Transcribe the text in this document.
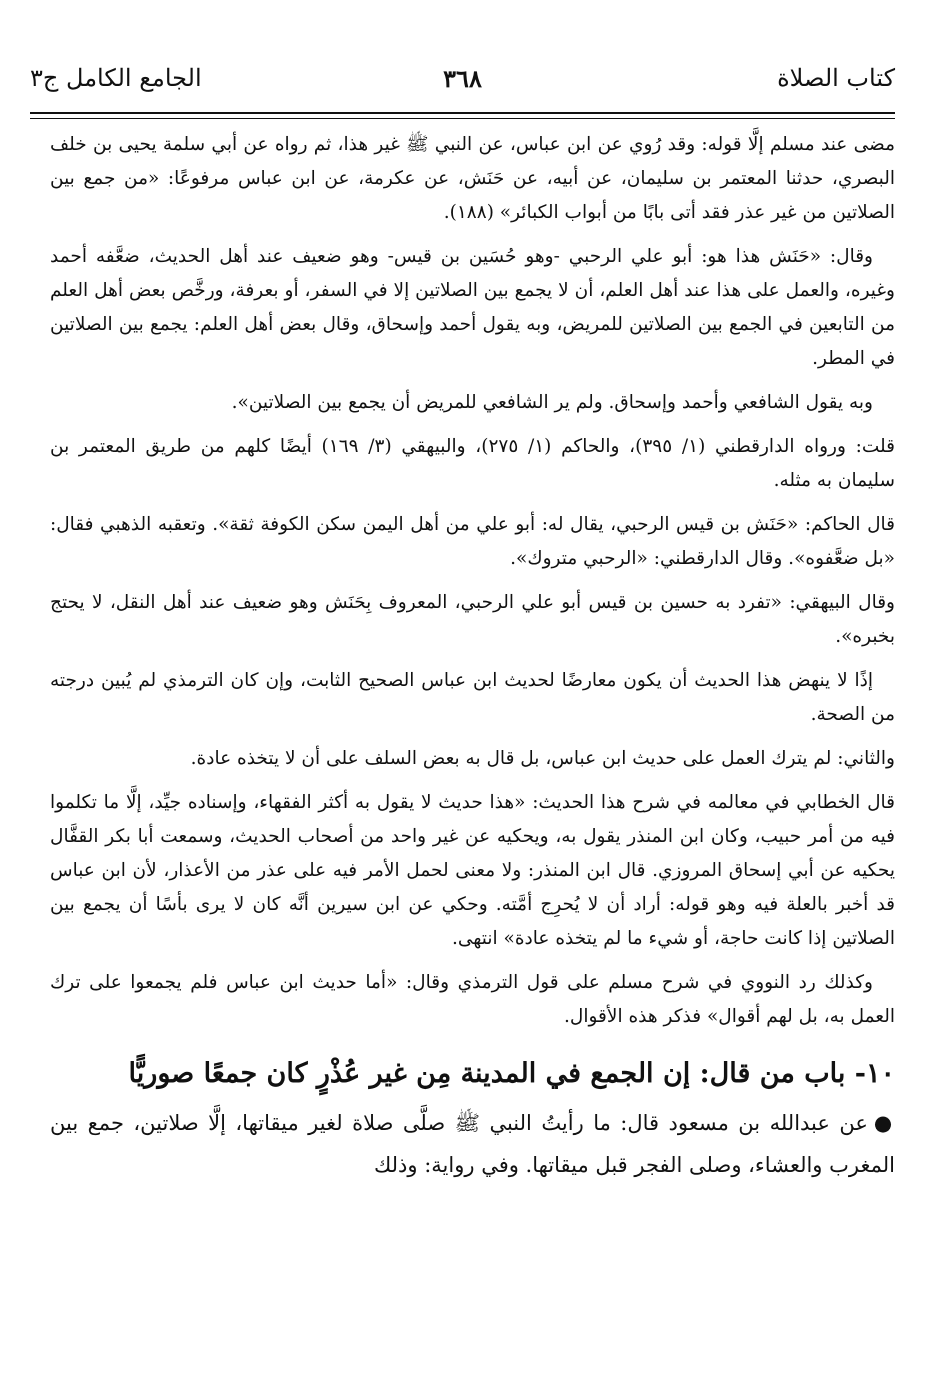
كتاب الصلاة
٣٦٨
الجامع الكامل ج٣

مضى عند مسلم إلَّا قوله: وقد رُوي عن ابن عباس، عن النبي ﷺ غير هذا، ثم رواه عن أبي سلمة يحيى بن خلف البصري، حدثنا المعتمر بن سليمان، عن أبيه، عن حَنَش، عن عكرمة، عن ابن عباس مرفوعًا: «من جمع بين الصلاتين من غير عذر فقد أتى بابًا من أبواب الكبائر» (١٨٨).

وقال: «حَنَش هذا هو: أبو علي الرحبي -وهو حُسَين بن قيس- وهو ضعيف عند أهل الحديث، ضعَّفه أحمد وغيره، والعمل على هذا عند أهل العلم، أن لا يجمع بين الصلاتين إلا في السفر، أو بعرفة، ورخَّص بعض أهل العلم من التابعين في الجمع بين الصلاتين للمريض، وبه يقول أحمد وإسحاق، وقال بعض أهل العلم: يجمع بين الصلاتين في المطر.

وبه يقول الشافعي وأحمد وإسحاق. ولم ير الشافعي للمريض أن يجمع بين الصلاتين».

قلت: ورواه الدارقطني (١/ ٣٩٥)، والحاكم (١/ ٢٧٥)، والبيهقي (٣/ ١٦٩) أيضًا كلهم من طريق المعتمر بن سليمان به مثله.

قال الحاكم: «حَنَش بن قيس الرحبي، يقال له: أبو علي من أهل اليمن سكن الكوفة ثقة». وتعقبه الذهبي فقال: «بل ضعَّفوه». وقال الدارقطني: «الرحبي متروك».

وقال البيهقي: «تفرد به حسين بن قيس أبو علي الرحبي، المعروف بِحَنَش وهو ضعيف عند أهل النقل، لا يحتج بخبره».

إذًا لا ينهض هذا الحديث أن يكون معارضًا لحديث ابن عباس الصحيح الثابت، وإن كان الترمذي لم يُبين درجته من الصحة.

والثاني: لم يترك العمل على حديث ابن عباس، بل قال به بعض السلف على أن لا يتخذه عادة.

قال الخطابي في معالمه في شرح هذا الحديث: «هذا حديث لا يقول به أكثر الفقهاء، وإسناده جيِّد، إلَّا ما تكلموا فيه من أمر حبيب، وكان ابن المنذر يقول به، ويحكيه عن غير واحد من أصحاب الحديث، وسمعت أبا بكر القفَّال يحكيه عن أبي إسحاق المروزي. قال ابن المنذر: ولا معنى لحمل الأمر فيه على عذر من الأعذار، لأن ابن عباس قد أخبر بالعلة فيه وهو قوله: أراد أن لا يُحرِج أمَّته. وحكي عن ابن سيرين أنَّه كان لا يرى بأسًا أن يجمع بين الصلاتين إذا كانت حاجة، أو شيء ما لم يتخذه عادة» انتهى.

وكذلك رد النووي في شرح مسلم على قول الترمذي وقال: «أما حديث ابن عباس فلم يجمعوا على ترك العمل به، بل لهم أقوال» فذكر هذه الأقوال.

١٠- باب من قال: إن الجمع في المدينة مِن غير عُذْرٍ كان جمعًا صوريًّا

●عن عبدالله بن مسعود قال: ما رأيتُ النبي ﷺ صلَّى صلاة لغير ميقاتها، إلَّا صلاتين، جمع بين المغرب والعشاء، وصلى الفجر قبل ميقاتها. وفي رواية: وذلك
